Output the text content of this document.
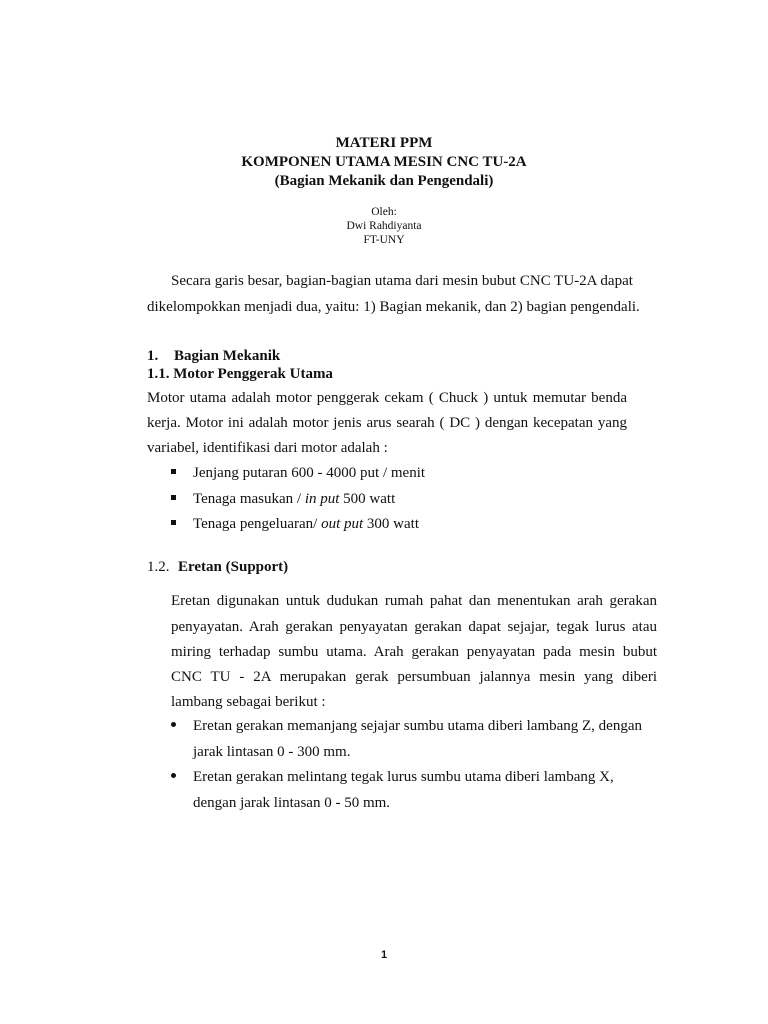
MATERI PPM
KOMPONEN UTAMA MESIN CNC TU-2A
(Bagian Mekanik dan Pengendali)
Oleh:
Dwi Rahdiyanta
FT-UNY
Secara garis besar, bagian-bagian utama dari mesin bubut CNC TU-2A dapat
dikelompokkan menjadi dua, yaitu: 1) Bagian mekanik, dan 2) bagian pengendali.
1. Bagian Mekanik
1.1. Motor Penggerak Utama
Motor utama adalah motor penggerak cekam ( Chuck ) untuk memutar benda
kerja. Motor ini adalah motor jenis arus searah ( DC ) dengan kecepatan yang
variabel, identifikasi dari motor adalah :
Jenjang putaran 600 - 4000 put / menit
Tenaga masukan / in put 500 watt
Tenaga pengeluaran/ out put 300 watt
1.2. Eretan (Support)
Eretan digunakan untuk dudukan rumah pahat dan menentukan arah gerakan
penyayatan. Arah gerakan penyayatan gerakan dapat sejajar, tegak lurus atau
miring terhadap sumbu utama. Arah gerakan penyayatan pada mesin bubut
CNC TU - 2A merupakan gerak persumbuan jalannya mesin yang diberi
lambang sebagai berikut :
Eretan gerakan memanjang sejajar sumbu utama diberi lambang Z, dengan
jarak lintasan 0 - 300 mm.
Eretan gerakan melintang tegak lurus sumbu utama diberi lambang X,
dengan jarak lintasan 0 - 50 mm.
1
